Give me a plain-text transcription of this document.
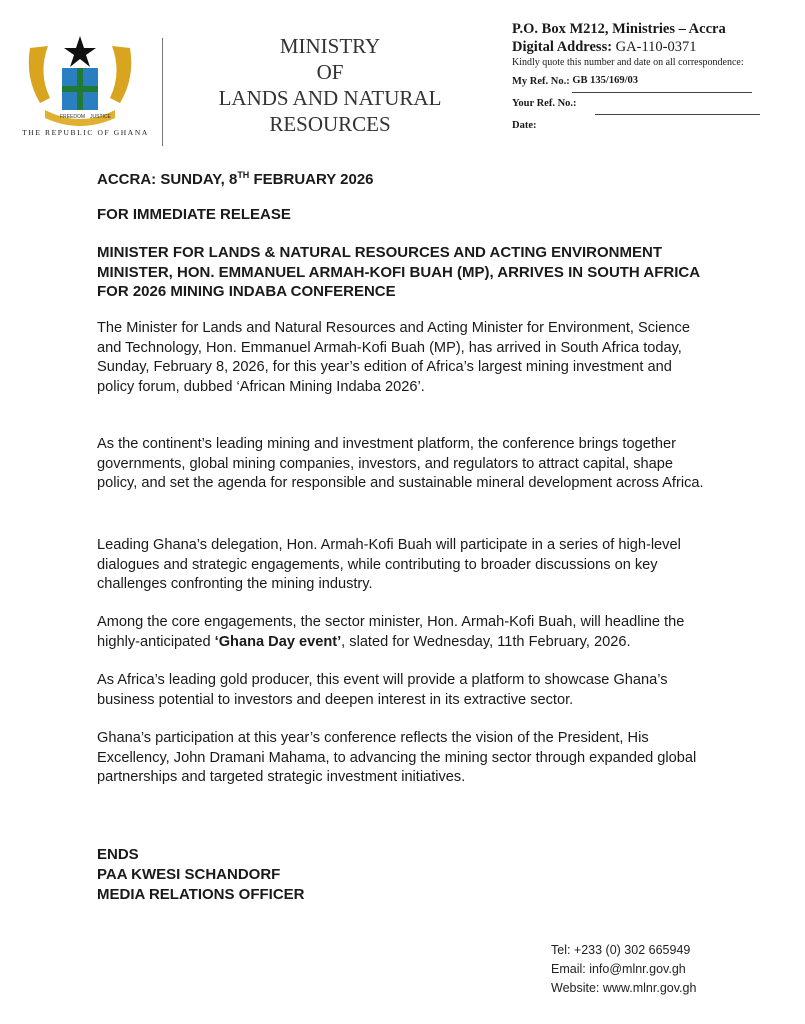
FREEDOM JUSTICE
THE REPUBLIC OF GHANA
MINISTRY
OF
LANDS AND NATURAL
RESOURCES
P.O. Box M212, Ministries – Accra
Digital Address: GA-110-0371
Kindly quote this number and date on all correspondence:
My Ref. No.:
GB 135/169/03
Your Ref. No.:
Date:
ACCRA: SUNDAY, 8TH FEBRUARY 2026
FOR IMMEDIATE RELEASE
MINISTER FOR LANDS & NATURAL RESOURCES AND ACTING ENVIRONMENT MINISTER, HON. EMMANUEL ARMAH-KOFI BUAH (MP), ARRIVES IN SOUTH AFRICA FOR 2026 MINING INDABA CONFERENCE
The Minister for Lands and Natural Resources and Acting Minister for Environment, Science and Technology, Hon. Emmanuel Armah-Kofi Buah (MP), has arrived in South Africa today, Sunday, February 8, 2026, for this year’s edition of Africa’s largest mining investment and policy forum, dubbed ‘African Mining Indaba 2026’.
As the continent’s leading mining and investment platform, the conference brings together governments, global mining companies, investors, and regulators to attract capital, shape policy, and set the agenda for responsible and sustainable mineral development across Africa.
Leading Ghana’s delegation, Hon. Armah-Kofi Buah will participate in a series of high-level dialogues and strategic engagements, while contributing to broader discussions on key challenges confronting the mining industry.
Among the core engagements, the sector minister, Hon. Armah-Kofi Buah, will headline the highly-anticipated ‘Ghana Day event’, slated for Wednesday, 11th February, 2026.
As Africa’s leading gold producer, this event will provide a platform to showcase Ghana’s business potential to investors and deepen interest in its extractive sector.
Ghana’s participation at this year’s conference reflects the vision of the President, His Excellency, John Dramani Mahama, to advancing the mining sector through expanded global partnerships and targeted strategic investment initiatives.
ENDS
PAA KWESI SCHANDORF
MEDIA RELATIONS OFFICER
Tel: +233 (0) 302 665949
Email: info@mlnr.gov.gh
Website: www.mlnr.gov.gh
